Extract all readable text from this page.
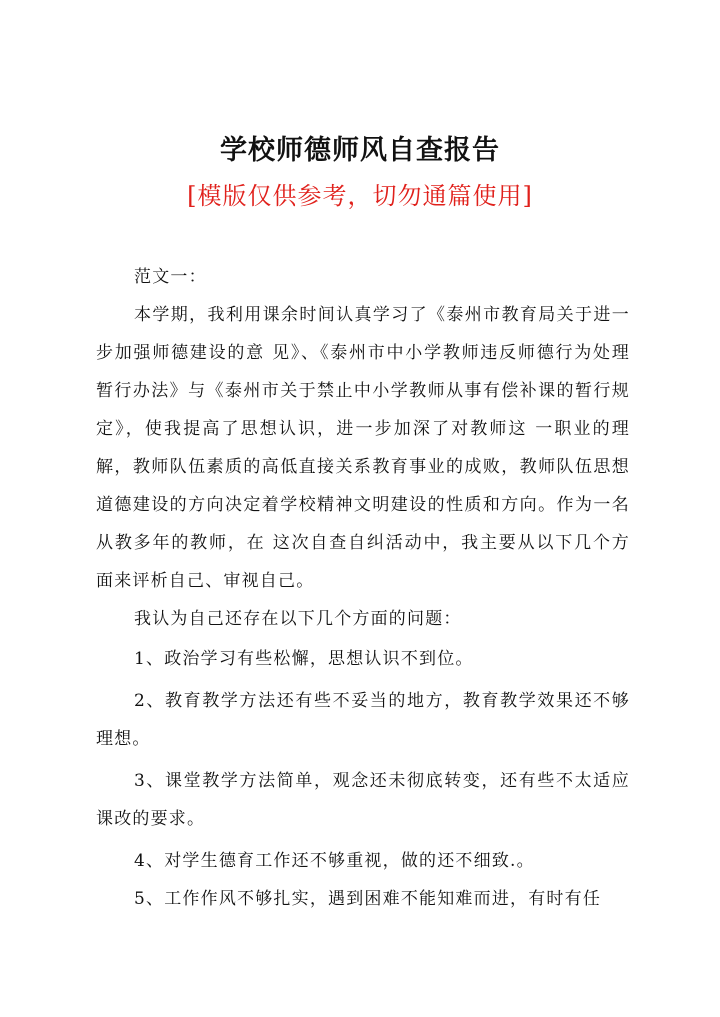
学校师德师风自查报告
[模版仅供参考，切勿通篇使用]
范文一：
本学期，我利用课余时间认真学习了《泰州市教育局关于进一步加强师德建设的意 见》、《泰州市中小学教师违反师德行为处理暂行办法》与《泰州市关于禁止中小学教师从事有偿补课的暂行规定》，使我提高了思想认识，进一步加深了对教师这 一职业的理解，教师队伍素质的高低直接关系教育事业的成败，教师队伍思想道德建设的方向决定着学校精神文明建设的性质和方向。作为一名从教多年的教师，在 这次自查自纠活动中，我主要从以下几个方面来评析自己、审视自己。
我认为自己还存在以下几个方面的问题：
1、政治学习有些松懈，思想认识不到位。
2、教育教学方法还有些不妥当的地方，教育教学效果还不够理想。
3、课堂教学方法简单，观念还未彻底转变，还有些不太适应课改的要求。
4、对学生德育工作还不够重视，做的还不细致.。
5、工作作风不够扎实，遇到困难不能知难而进，有时有任
